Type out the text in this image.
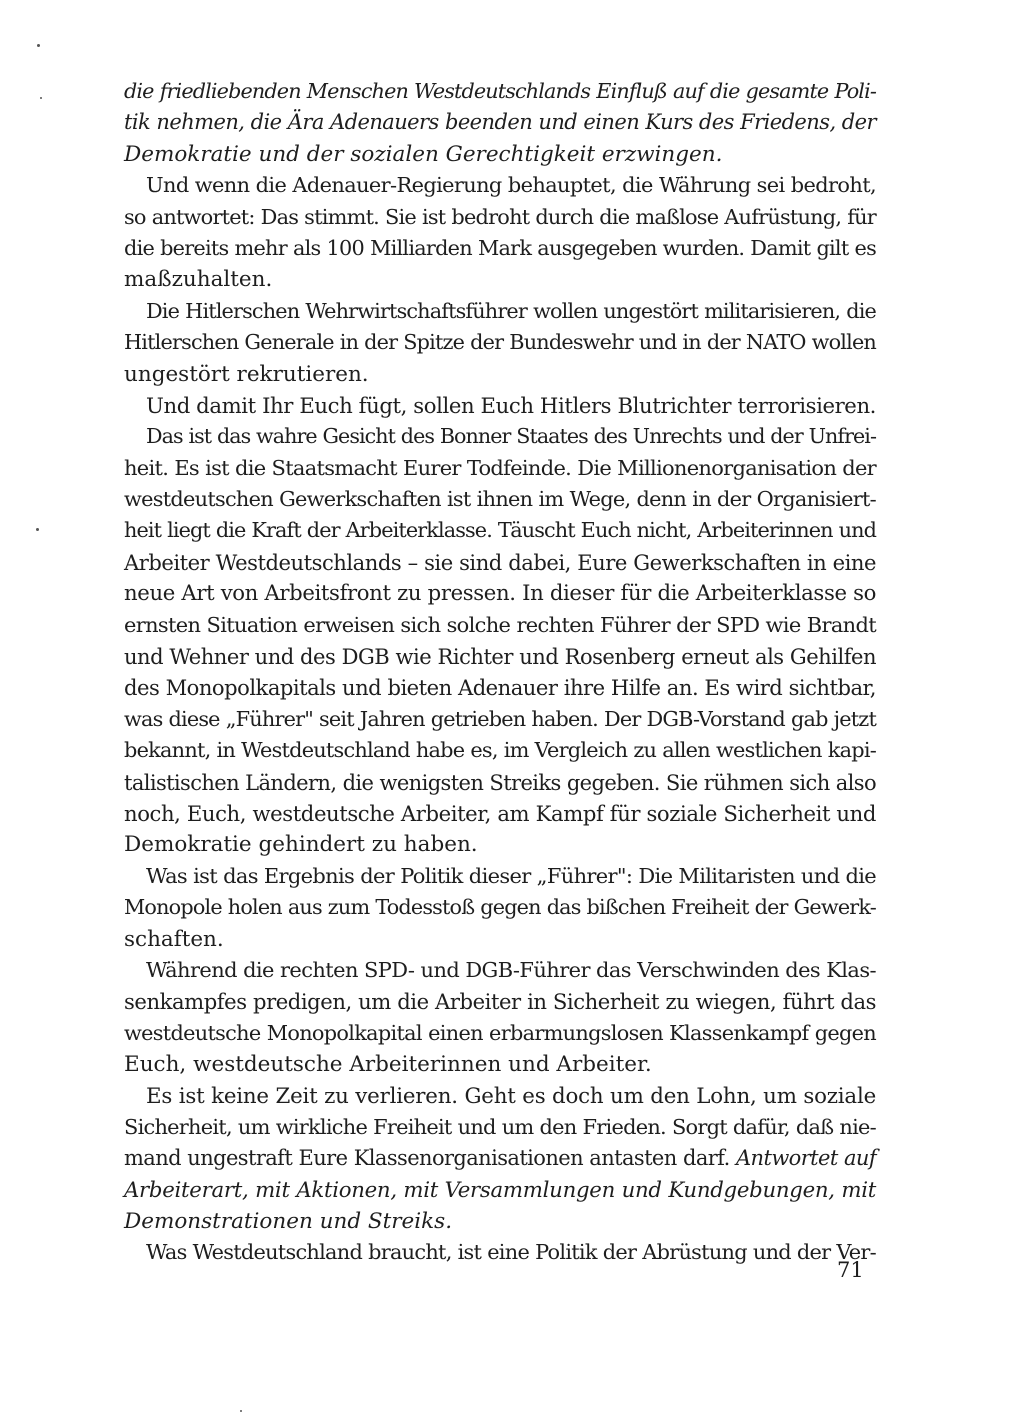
die friedliebenden Menschen Westdeutschlands Einfluß auf die gesamte Poli-
tik nehmen, die Ära Adenauers beenden und einen Kurs des Friedens, der
Demokratie und der sozialen Gerechtigkeit erzwingen.
Und wenn die Adenauer-Regierung behauptet, die Währung sei bedroht,
so antwortet: Das stimmt. Sie ist bedroht durch die maßlose Aufrüstung, für
die bereits mehr als 100 Milliarden Mark ausgegeben wurden. Damit gilt es
maßzuhalten.
Die Hitlerschen Wehrwirtschaftsführer wollen ungestört militarisieren, die
Hitlerschen Generale in der Spitze der Bundeswehr und in der NATO wollen
ungestört rekrutieren.
Und damit Ihr Euch fügt, sollen Euch Hitlers Blutrichter terrorisieren.
Das ist das wahre Gesicht des Bonner Staates des Unrechts und der Unfrei-
heit. Es ist die Staatsmacht Eurer Todfeinde. Die Millionenorganisation der
westdeutschen Gewerkschaften ist ihnen im Wege, denn in der Organisiert-
heit liegt die Kraft der Arbeiterklasse. Täuscht Euch nicht, Arbeiterinnen und
Arbeiter Westdeutschlands – sie sind dabei, Eure Gewerkschaften in eine
neue Art von Arbeitsfront zu pressen. In dieser für die Arbeiterklasse so
ernsten Situation erweisen sich solche rechten Führer der SPD wie Brandt
und Wehner und des DGB wie Richter und Rosenberg erneut als Gehilfen
des Monopolkapitals und bieten Adenauer ihre Hilfe an. Es wird sichtbar,
was diese „Führer" seit Jahren getrieben haben. Der DGB-Vorstand gab jetzt
bekannt, in Westdeutschland habe es, im Vergleich zu allen westlichen kapi-
talistischen Ländern, die wenigsten Streiks gegeben. Sie rühmen sich also
noch, Euch, westdeutsche Arbeiter, am Kampf für soziale Sicherheit und
Demokratie gehindert zu haben.
Was ist das Ergebnis der Politik dieser „Führer": Die Militaristen und die
Monopole holen aus zum Todesstoß gegen das bißchen Freiheit der Gewerk-
schaften.
Während die rechten SPD- und DGB-Führer das Verschwinden des Klas-
senkampfes predigen, um die Arbeiter in Sicherheit zu wiegen, führt das
westdeutsche Monopolkapital einen erbarmungslosen Klassenkampf gegen
Euch, westdeutsche Arbeiterinnen und Arbeiter.
Es ist keine Zeit zu verlieren. Geht es doch um den Lohn, um soziale
Sicherheit, um wirkliche Freiheit und um den Frieden. Sorgt dafür, daß nie-
mand ungestraft Eure Klassenorganisationen antasten darf. Antwortet auf
Arbeiterart, mit Aktionen, mit Versammlungen und Kundgebungen, mit
Demonstrationen und Streiks.
Was Westdeutschland braucht, ist eine Politik der Abrüstung und der Ver-
71
